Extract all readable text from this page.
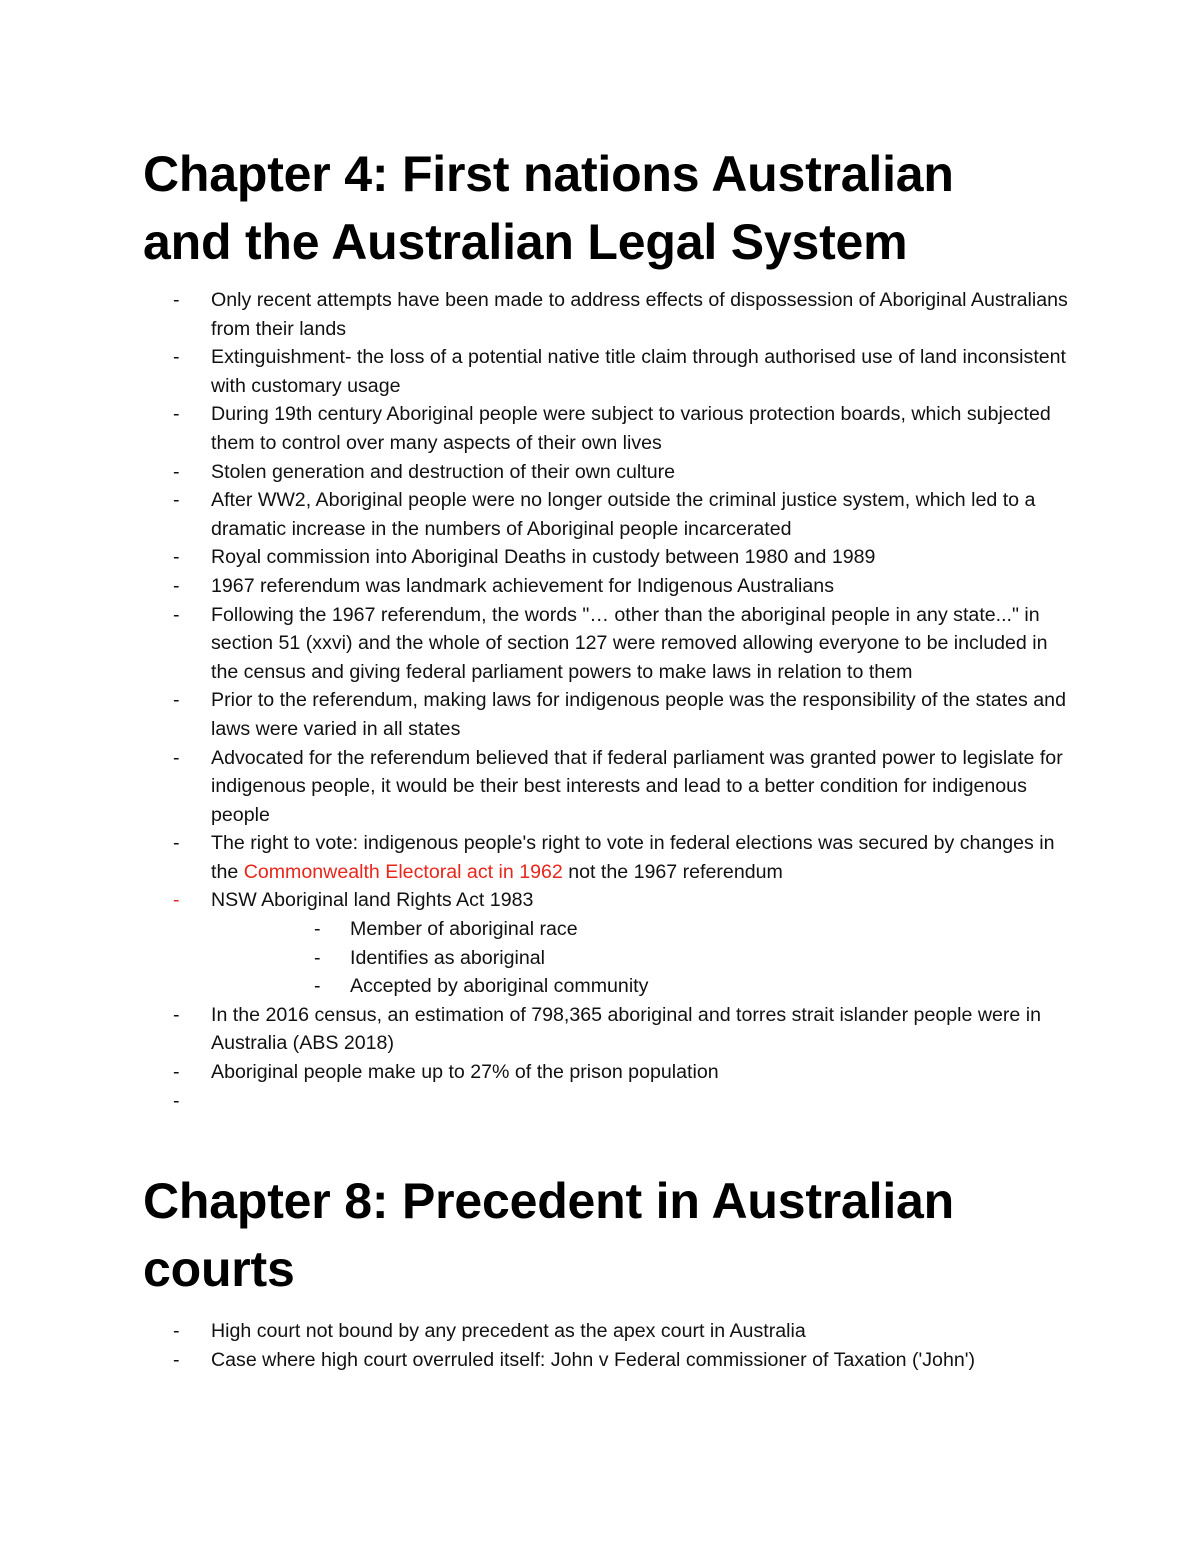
Chapter 4: First nations Australian
and the Australian Legal System
- Only recent attempts have been made to address effects of dispossession of Aboriginal Australians from their lands
- Extinguishment- the loss of a potential native title claim through authorised use of land inconsistent with customary usage
- During 19th century Aboriginal people were subject to various protection boards, which subjected them to control over many aspects of their own lives
- Stolen generation and destruction of their own culture
- After WW2, Aboriginal people were no longer outside the criminal justice system, which led to a dramatic increase in the numbers of Aboriginal people incarcerated
- Royal commission into Aboriginal Deaths in custody between 1980 and 1989
- 1967 referendum was landmark achievement for Indigenous Australians
- Following the 1967 referendum, the words "… other than the aboriginal people in any state..." in section 51 (xxvi) and the whole of section 127 were removed allowing everyone to be included in the census and giving federal parliament powers to make laws in relation to them
- Prior to the referendum, making laws for indigenous people was the responsibility of the states and laws were varied in all states
- Advocated for the referendum believed that if federal parliament was granted power to legislate for indigenous people, it would be their best interests and lead to a better condition for indigenous people
- The right to vote: indigenous people's right to vote in federal elections was secured by changes in the Commonwealth Electoral act in 1962 not the 1967 referendum
- NSW Aboriginal land Rights Act 1983
- Member of aboriginal race
- Identifies as aboriginal
- Accepted by aboriginal community
- In the 2016 census, an estimation of 798,365 aboriginal and torres strait islander people were in Australia (ABS 2018)
- Aboriginal people make up to 27% of the prison population
-
Chapter 8: Precedent in Australian
courts
- High court not bound by any precedent as the apex court in Australia
- Case where high court overruled itself: John v Federal commissioner of Taxation ('John')
